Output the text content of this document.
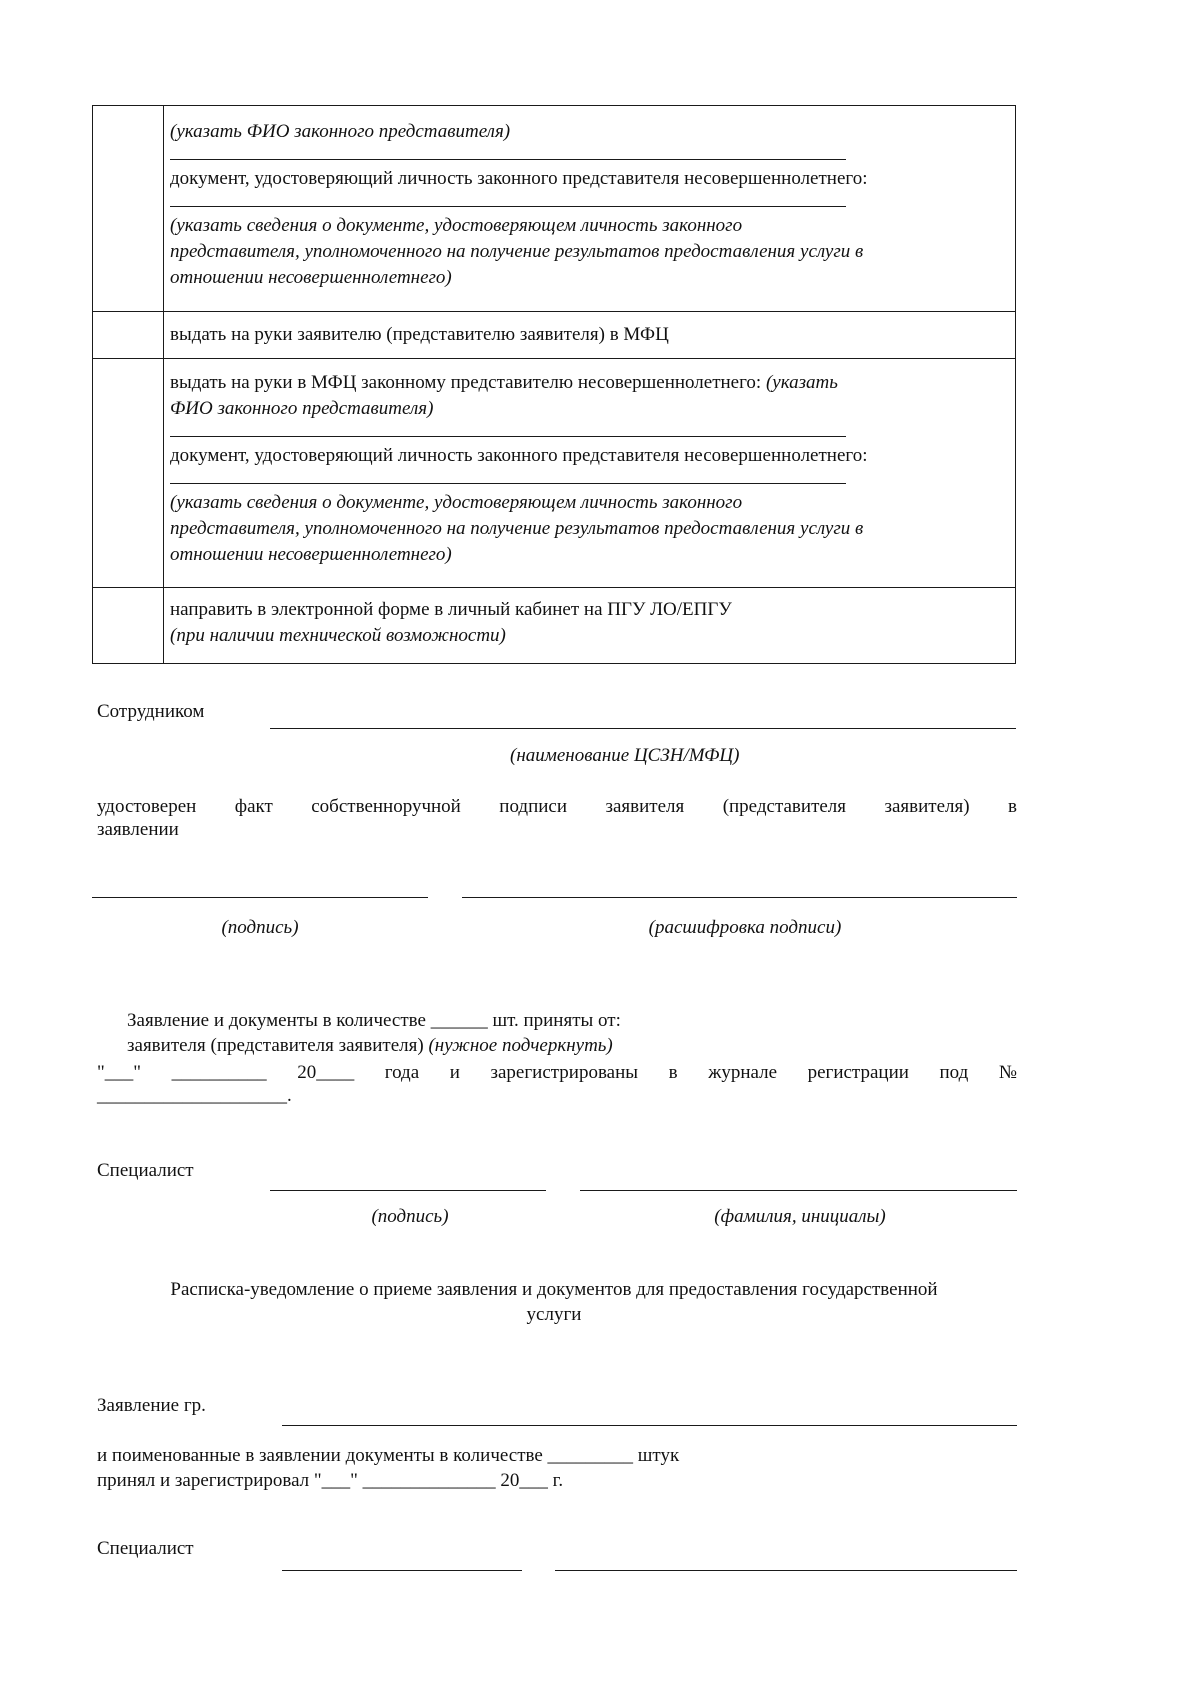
(указать ФИО законного представителя)
документ, удостоверяющий личность законного представителя несовершеннолетнего:
(указать сведения о документе, удостоверяющем личность законного
представителя, уполномоченного на получение результатов предоставления услуги в
отношении несовершеннолетнего)
выдать на руки заявителю (представителю заявителя) в МФЦ
выдать на руки в МФЦ законному представителю несовершеннолетнего: (указать
ФИО законного представителя)
документ, удостоверяющий личность законного представителя несовершеннолетнего:
(указать сведения о документе, удостоверяющем личность законного
представителя, уполномоченного на получение результатов предоставления услуги в
отношении несовершеннолетнего)
направить в электронной форме в личный кабинет на ПГУ ЛО/ЕПГУ
(при наличии технической возможности)
Сотрудником
(наименование ЦСЗН/МФЦ)
удостоверен факт собственноручной подписи заявителя (представителя заявителя) в
заявлении
(подпись)	(расшифровка подписи)
Заявление и документы в количестве ______ шт. приняты от:
заявителя (представителя заявителя) (нужное подчеркнуть)
"___" __________ 20____ года и зарегистрированы в журнале регистрации под №
____________________.
Специалист
(подпись)	(фамилия, инициалы)
Расписка-уведомление о приеме заявления и документов для предоставления государственной
услуги
Заявление гр.
и поименованные в заявлении документы в количестве _________ штук
принял и зарегистрировал "___" ______________ 20___ г.
Специалист
